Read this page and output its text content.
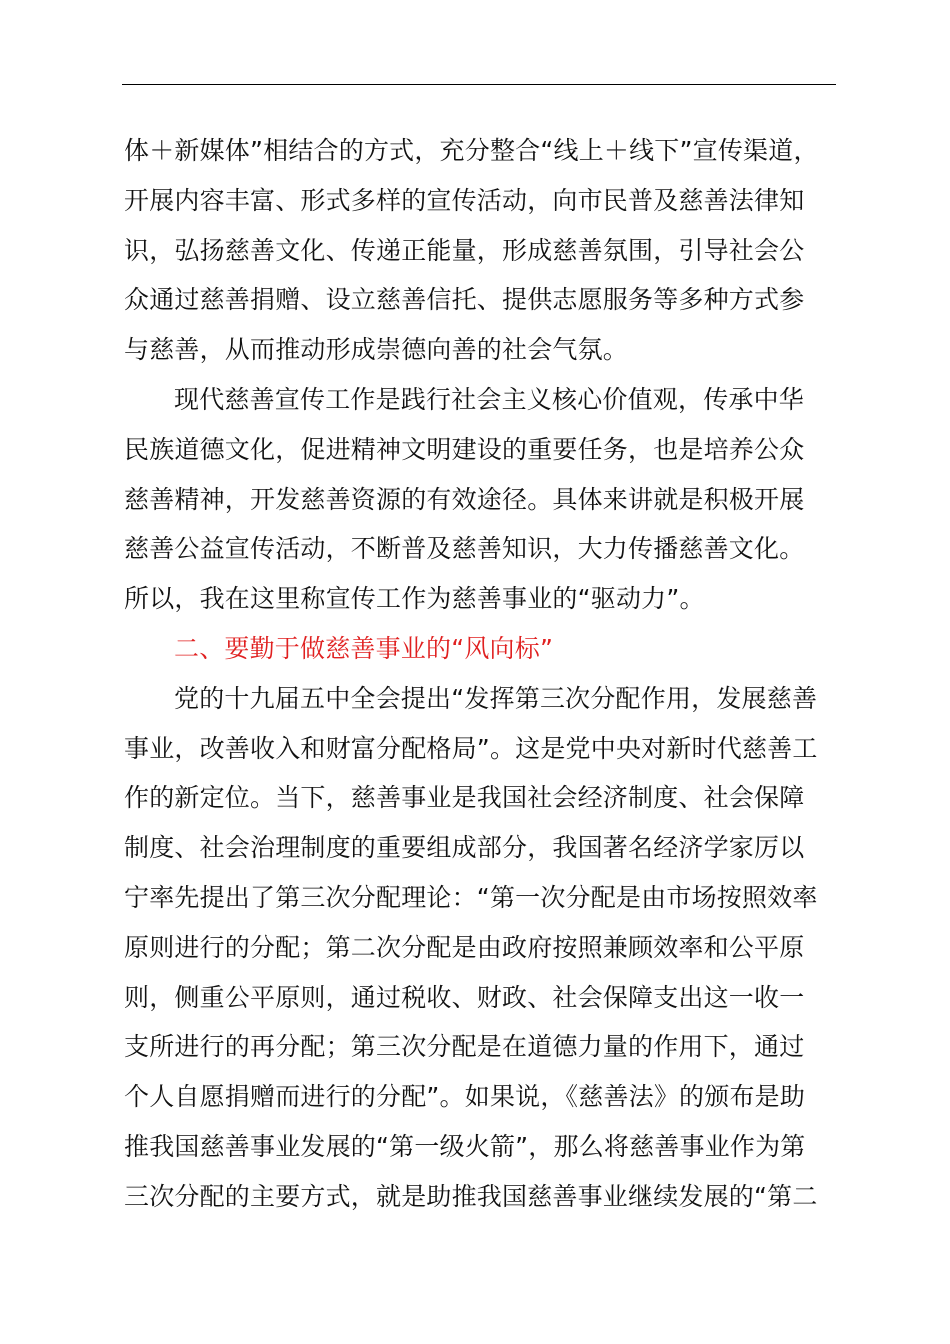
体＋新媒体”相结合的方式，充分整合“线上＋线下”宣传渠道，
开展内容丰富、形式多样的宣传活动，向市民普及慈善法律知
识，弘扬慈善文化、传递正能量，形成慈善氛围，引导社会公
众通过慈善捐赠、设立慈善信托、提供志愿服务等多种方式参
与慈善，从而推动形成崇德向善的社会气氛。
现代慈善宣传工作是践行社会主义核心价值观，传承中华
民族道德文化，促进精神文明建设的重要任务，也是培养公众
慈善精神，开发慈善资源的有效途径。具体来讲就是积极开展
慈善公益宣传活动，不断普及慈善知识，大力传播慈善文化。
所以，我在这里称宣传工作为慈善事业的“驱动力”。
二、要勤于做慈善事业的“风向标”
党的十九届五中全会提出“发挥第三次分配作用，发展慈善
事业，改善收入和财富分配格局”。这是党中央对新时代慈善工
作的新定位。当下，慈善事业是我国社会经济制度、社会保障
制度、社会治理制度的重要组成部分，我国著名经济学家厉以
宁率先提出了第三次分配理论：“第一次分配是由市场按照效率
原则进行的分配；第二次分配是由政府按照兼顾效率和公平原
则，侧重公平原则，通过税收、财政、社会保障支出这一收一
支所进行的再分配；第三次分配是在道德力量的作用下，通过
个人自愿捐赠而进行的分配”。如果说，《慈善法》的颁布是助
推我国慈善事业发展的“第一级火箭”，那么将慈善事业作为第
三次分配的主要方式，就是助推我国慈善事业继续发展的“第二
